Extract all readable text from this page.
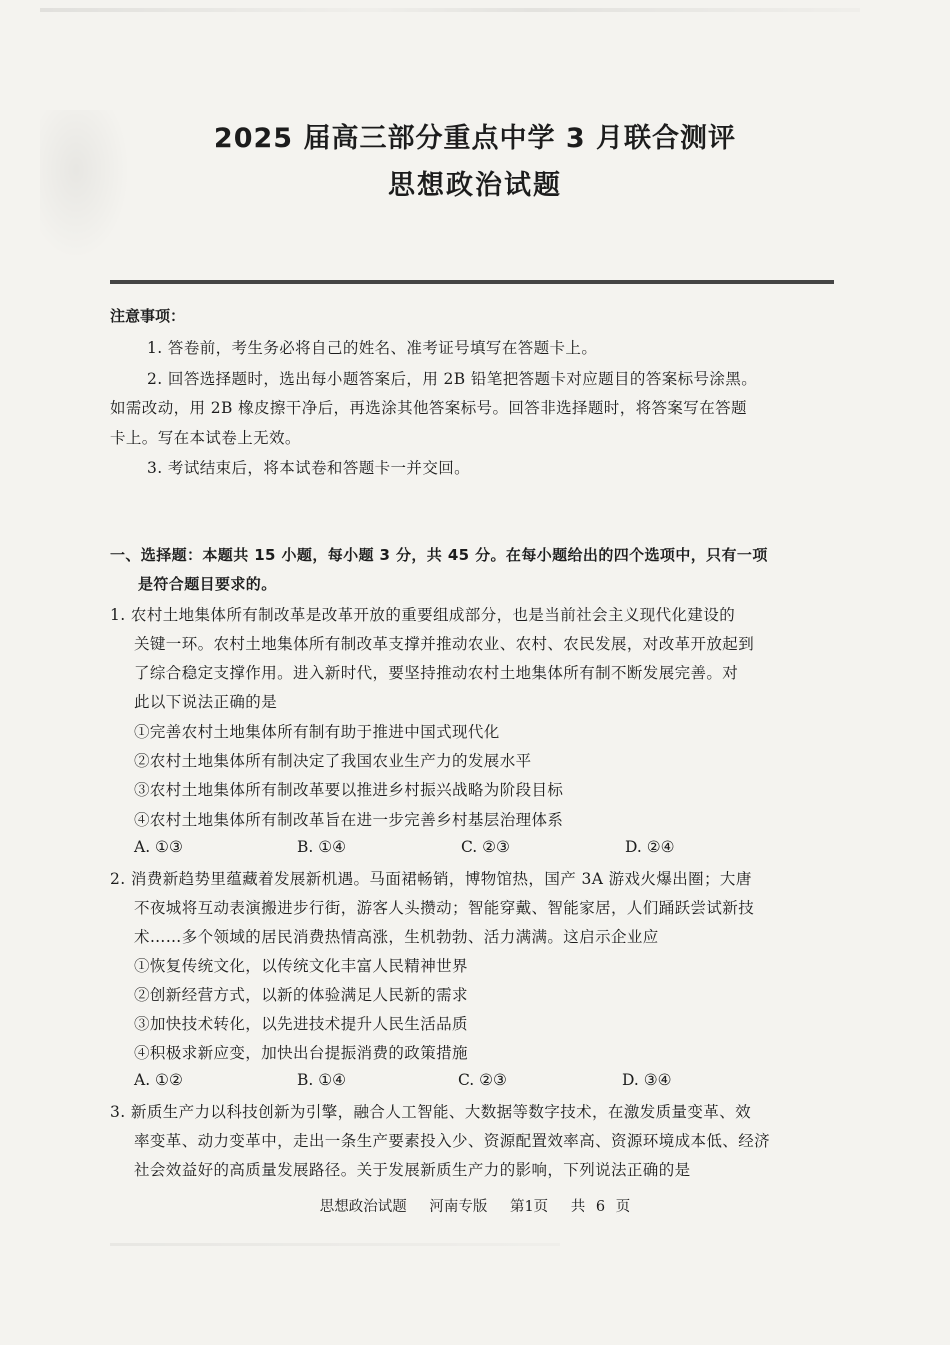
2025 届高三部分重点中学 3 月联合测评
思想政治试题
注意事项：
1. 答卷前，考生务必将自己的姓名、准考证号填写在答题卡上。
2. 回答选择题时，选出每小题答案后，用 2B 铅笔把答题卡对应题目的答案标号涂黑。
如需改动，用 2B 橡皮擦干净后，再选涂其他答案标号。回答非选择题时，将答案写在答题
卡上。写在本试卷上无效。
3. 考试结束后，将本试卷和答题卡一并交回。
一、选择题：本题共 15 小题，每小题 3 分，共 45 分。在每小题给出的四个选项中，只有一项
是符合题目要求的。
1. 农村土地集体所有制改革是改革开放的重要组成部分，也是当前社会主义现代化建设的
关键一环。农村土地集体所有制改革支撑并推动农业、农村、农民发展，对改革开放起到
了综合稳定支撑作用。进入新时代，要坚持推动农村土地集体所有制不断发展完善。对
此以下说法正确的是
①完善农村土地集体所有制有助于推进中国式现代化
②农村土地集体所有制决定了我国农业生产力的发展水平
③农村土地集体所有制改革要以推进乡村振兴战略为阶段目标
④农村土地集体所有制改革旨在进一步完善乡村基层治理体系
A. ①③	B. ①④	C. ②③	D. ②④
2. 消费新趋势里蕴藏着发展新机遇。马面裙畅销，博物馆热，国产 3A 游戏火爆出圈；大唐
不夜城将互动表演搬进步行街，游客人头攒动；智能穿戴、智能家居，人们踊跃尝试新技
术……多个领域的居民消费热情高涨，生机勃勃、活力满满。这启示企业应
①恢复传统文化，以传统文化丰富人民精神世界
②创新经营方式，以新的体验满足人民新的需求
③加快技术转化，以先进技术提升人民生活品质
④积极求新应变，加快出台提振消费的政策措施
A. ①②	B. ①④	C. ②③	D. ③④
3. 新质生产力以科技创新为引擎，融合人工智能、大数据等数字技术，在激发质量变革、效
率变革、动力变革中，走出一条生产要素投入少、资源配置效率高、资源环境成本低、经济
社会效益好的高质量发展路径。关于发展新质生产力的影响，下列说法正确的是
思想政治试题 河南专版 第1页 共 6 页
